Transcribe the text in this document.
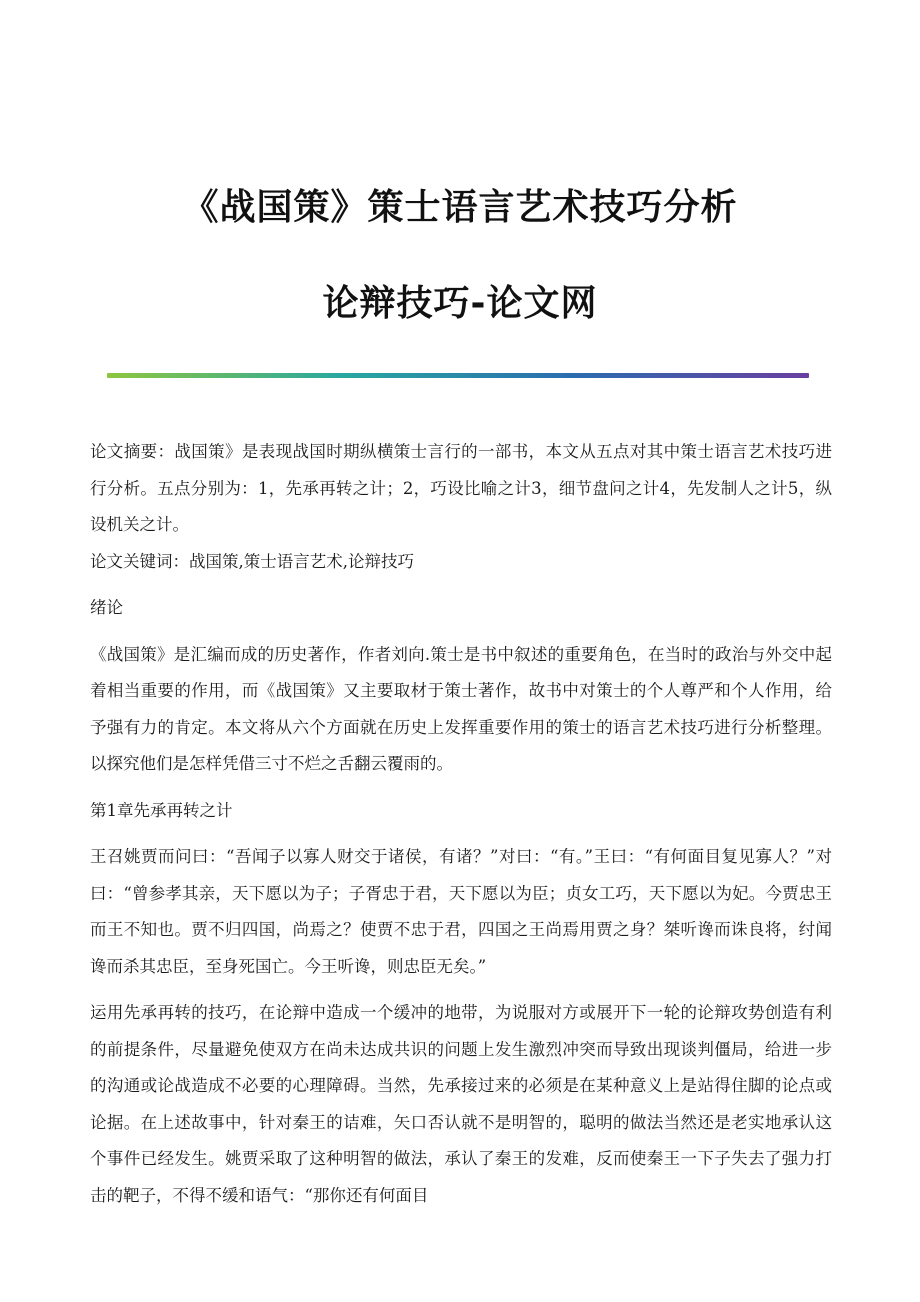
《战国策》策士语言艺术技巧分析
论辩技巧-论文网

论文摘要：战国策》是表现战国时期纵横策士言行的一部书，本文从五点对其中策士语言艺术技巧进行分析。五点分别为：1，先承再转之计；2，巧设比喻之计3，细节盘问之计4，先发制人之计5，纵设机关之计。

论文关键词：战国策,策士语言艺术,论辩技巧

绪论

《战国策》是汇编而成的历史著作，作者刘向.策士是书中叙述的重要角色，在当时的政治与外交中起着相当重要的作用，而《战国策》又主要取材于策士著作，故书中对策士的个人尊严和个人作用，给予强有力的肯定。本文将从六个方面就在历史上发挥重要作用的策士的语言艺术技巧进行分析整理。以探究他们是怎样凭借三寸不烂之舌翻云覆雨的。

第1章先承再转之计

王召姚贾而问曰：“吾闻子以寡人财交于诸侯，有诸？”对曰：“有。”王曰：“有何面目复见寡人？”对曰：“曾参孝其亲，天下愿以为子；子胥忠于君，天下愿以为臣；贞女工巧，天下愿以为妃。今贾忠王而王不知也。贾不归四国，尚焉之？使贾不忠于君，四国之王尚焉用贾之身？桀听谗而诛良将，纣闻谗而杀其忠臣，至身死国亡。今王听谗，则忠臣无矣。”

运用先承再转的技巧，在论辩中造成一个缓冲的地带，为说服对方或展开下一轮的论辩攻势创造有利的前提条件，尽量避免使双方在尚未达成共识的问题上发生激烈冲突而导致出现谈判僵局，给进一步的沟通或论战造成不必要的心理障碍。当然，先承接过来的必须是在某种意义上是站得住脚的论点或论据。在上述故事中，针对秦王的诘难，矢口否认就不是明智的，聪明的做法当然还是老实地承认这个事件已经发生。姚贾采取了这种明智的做法，承认了秦王的发难，反而使秦王一下子失去了强力打击的靶子，不得不缓和语气：“那你还有何面目
